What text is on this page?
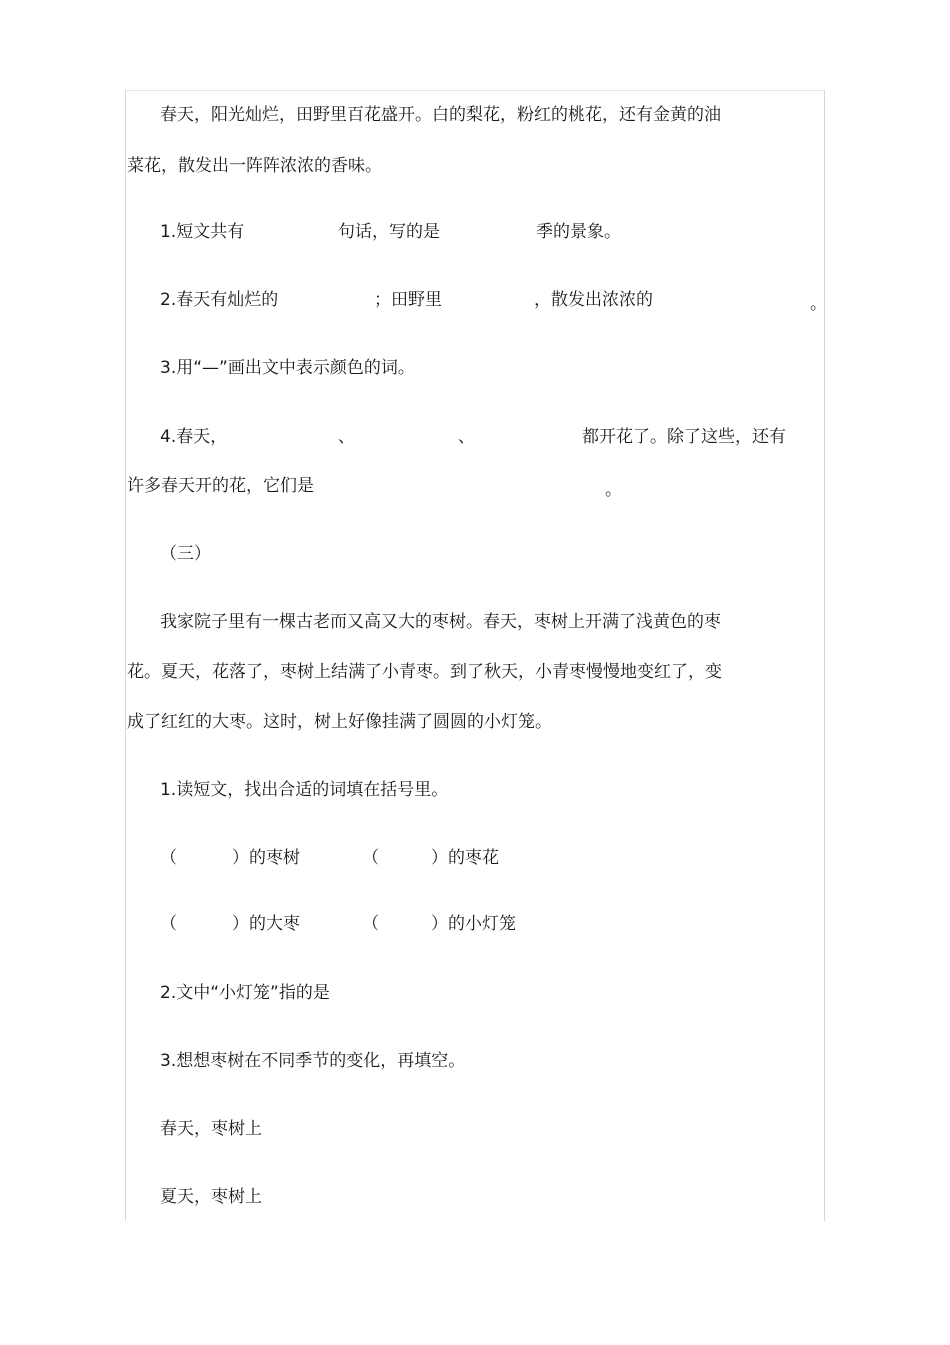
春天，阳光灿烂，田野里百花盛开。白的梨花，粉红的桃花，还有金黄的油

菜花，散发出一阵阵浓浓的香味。

1.短文共有	句话，写的是	季的景象。

2.春天有灿烂的	；田野里	，散发出浓浓的	。

3.用“—”画出文中表示颜色的词。

4.春天，	、	、	都开花了。除了这些，还有

许多春天开的花，它们是	。

（三）

我家院子里有一棵古老而又高又大的枣树。春天，枣树上开满了浅黄色的枣

花。夏天，花落了，枣树上结满了小青枣。到了秋天，小青枣慢慢地变红了，变

成了红红的大枣。这时，树上好像挂满了圆圆的小灯笼。

1.读短文，找出合适的词填在括号里。

（	）的枣树	（	）的枣花

（	）的大枣	（	）的小灯笼

2.文中“小灯笼”指的是

3.想想枣树在不同季节的变化，再填空。

春天，枣树上

夏天，枣树上
